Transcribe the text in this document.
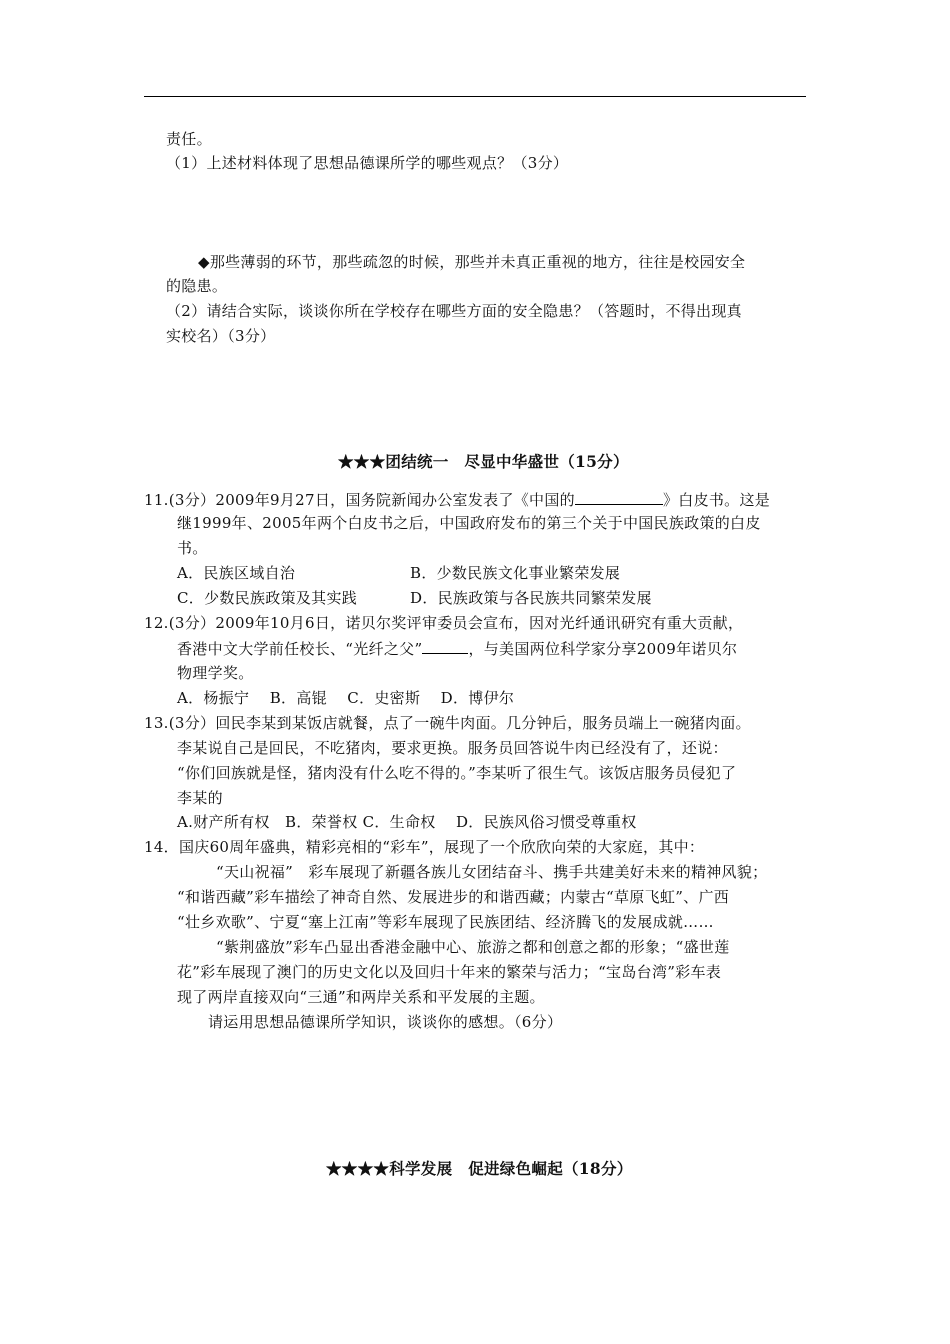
责任。
（1）上述材料体现了思想品德课所学的哪些观点？（3分）
◆那些薄弱的环节，那些疏忽的时候，那些并未真正重视的地方，往往是校园安全
的隐患。
（2）请结合实际，谈谈你所在学校存在哪些方面的安全隐患？（答题时，不得出现真
实校名）（3分）
★★★团结统一　尽显中华盛世（15分）
11.(3分）2009年9月27日，国务院新闻办公室发表了《中国的	》白皮书。这是
继1999年、2005年两个白皮书之后，中国政府发布的第三个关于中国民族政策的白皮
书。
A．民族区域自治	B．少数民族文化事业繁荣发展
C．少数民族政策及其实践	D．民族政策与各民族共同繁荣发展
12.(3分）2009年10月6日，诺贝尔奖评审委员会宣布，因对光纤通讯研究有重大贡献，
香港中文大学前任校长、“光纤之父”	，与美国两位科学家分享2009年诺贝尔
物理学奖。
A．杨振宁　 B．高锟　 C．史密斯　 D．博伊尔
13.(3分）回民李某到某饭店就餐，点了一碗牛肉面。几分钟后，服务员端上一碗猪肉面。
李某说自己是回民，不吃猪肉，要求更换。服务员回答说牛肉已经没有了，还说：
“你们回族就是怪，猪肉没有什么吃不得的。”李某听了很生气。该饭店服务员侵犯了
李某的
A.财产所有权　B．荣誉权 C．生命权　 D．民族风俗习惯受尊重权
14．国庆60周年盛典，精彩亮相的“彩车”，展现了一个欣欣向荣的大家庭，其中：
“天山祝福”　彩车展现了新疆各族儿女团结奋斗、携手共建美好未来的精神风貌；
“和谐西藏”彩车描绘了神奇自然、发展进步的和谐西藏；内蒙古“草原飞虹”、广西
“壮乡欢歌”、宁夏“塞上江南”等彩车展现了民族团结、经济腾飞的发展成就……
“紫荆盛放”彩车凸显出香港金融中心、旅游之都和创意之都的形象；“盛世莲
花”彩车展现了澳门的历史文化以及回归十年来的繁荣与活力；“宝岛台湾”彩车表
现了两岸直接双向“三通”和两岸关系和平发展的主题。
请运用思想品德课所学知识，谈谈你的感想。（6分）
★★★★科学发展　促进绿色崛起（18分）
